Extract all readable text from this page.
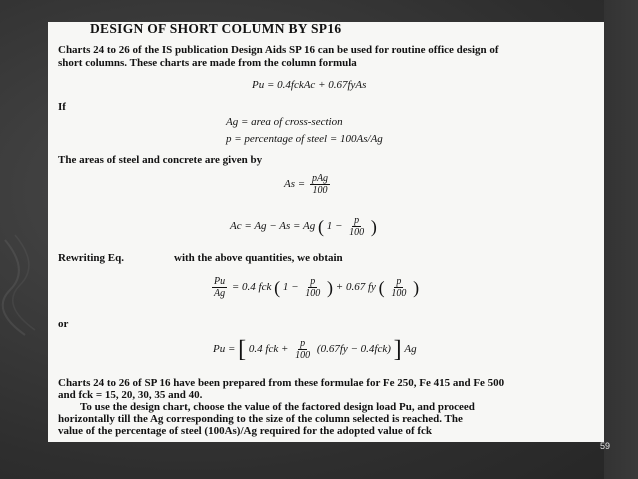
DESIGN OF SHORT COLUMN BY SP16
Charts 24 to 26 of the IS publication Design Aids SP 16 can be used for routine office design of
short columns. These charts are made from the column formula
Pu = 0.4fckAc + 0.67fyAs
If
Ag = area of cross-section
p = percentage of steel = 100As/Ag
The areas of steel and concrete are given by
$As = \frac{\text{pAg}}{100}$
Ac = Ag − As = Ag ( $1 - \frac{p}{100}$ )
Rewriting Eq.	with the above quantities, we obtain
$\frac{Pu}{Ag} = 0.4$ fck ( $1 - \frac{p}{100}$ ) + 0.67 fy ( $\frac{p}{100}$ )
or
Pu = [ 0.4 fck + $\frac{p}{100} (0.67fy - 0.4fck)$ ] Ag
Charts 24 to 26 of SP 16 have been prepared from these formulae for Fe 250, Fe 415 and Fe 500
and fck = 15, 20, 30, 35 and 40.
To use the design chart, choose the value of the factored design load Pu, and proceed
horizontally till the Ag corresponding to the size of the column selected is reached. The
value of the percentage of steel (100As)/Ag required for the adopted value of fck
59
